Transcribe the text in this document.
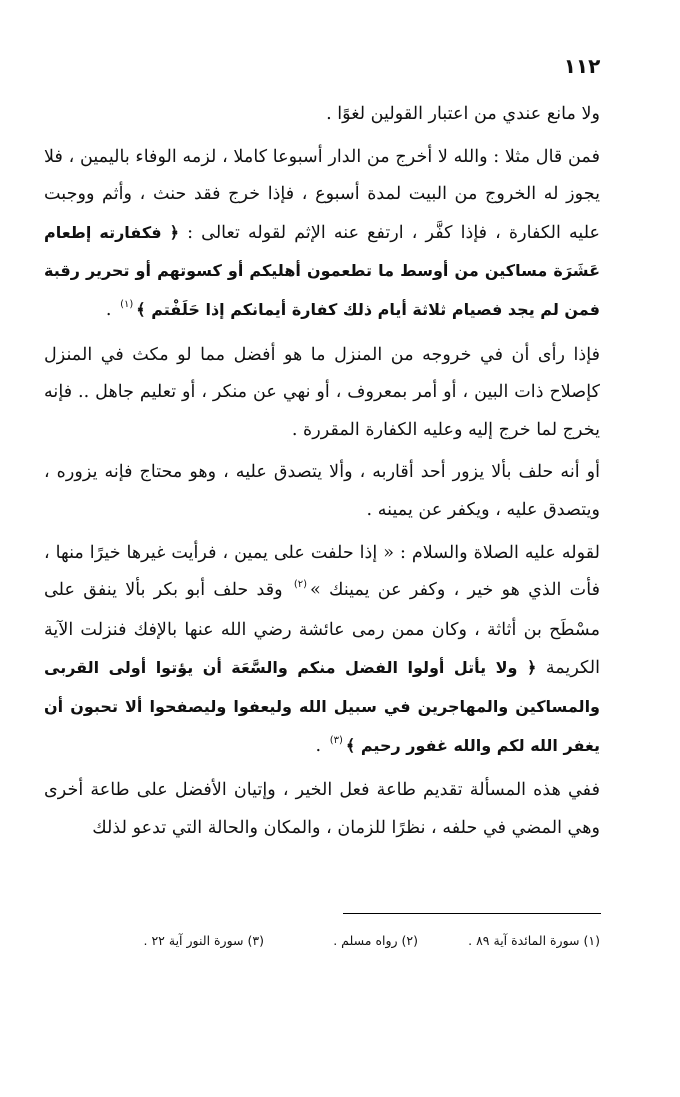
١١٢

ولا مانع عندي من اعتبار القولين لغوًا .

فمن قال مثلا : والله لا أخرج من الدار أسبوعا كاملا ، لزمه الوفاء باليمين ، فلا يجوز له الخروج من البيت لمدة أسبوع ، فإذا خرج فقد حنث ، وأثم ووجبت عليه الكفارة ، فإذا كفَّر ، ارتفع عنه الإثم لقوله تعالى : ﴿ فكفارته إطعام عَشَرَة مساكين من أوسط ما تطعمون أهليكم أو كسوتهم أو تحرير رقبة فمن لم يجد فصيام ثلاثة أيام ذلك كفارة أيمانكم إذا حَلَفْتم ﴾$^{(١)}$ .

فإذا رأى أن في خروجه من المنزل ما هو أفضل مما لو مكث في المنزل كإصلاح ذات البين ، أو أمر بمعروف ، أو نهي عن منكر ، أو تعليم جاهل .. فإنه يخرج لما خرج إليه وعليه الكفارة المقررة .

أو أنه حلف بألا يزور أحد أقاربه ، وألا يتصدق عليه ، وهو محتاج فإنه يزوره ، ويتصدق عليه ، ويكفر عن يمينه .

لقوله عليه الصلاة والسلام : « إذا حلفت على يمين ، فرأيت غيرها خيرًا منها ، فأت الذي هو خير ، وكفر عن يمينك »$^{(٢)}$ وقد حلف أبو بكر بألا ينفق على مسْطَح بن أثاثة ، وكان ممن رمى عائشة رضي الله عنها بالإفك فنزلت الآية الكريمة ﴿ ولا يأتل أولوا الفضل منكم والسَّعَة أن يؤتوا أولى القربى والمساكين والمهاجرين في سبيل الله وليعفوا وليصفحوا ألا تحبون أن يغفر الله لكم والله غفور رحيم ﴾$^{(٣)}$ .

ففي هذه المسألة تقديم طاعة فعل الخير ، وإتيان الأفضل على طاعة أخرى وهي المضي في حلفه ، نظرًا للزمان ، والمكان والحالة التي تدعو لذلك

(١) سورة المائدة آية ٨٩ .
(٢) رواه مسلم .
(٣) سورة النور آية ٢٢ .
